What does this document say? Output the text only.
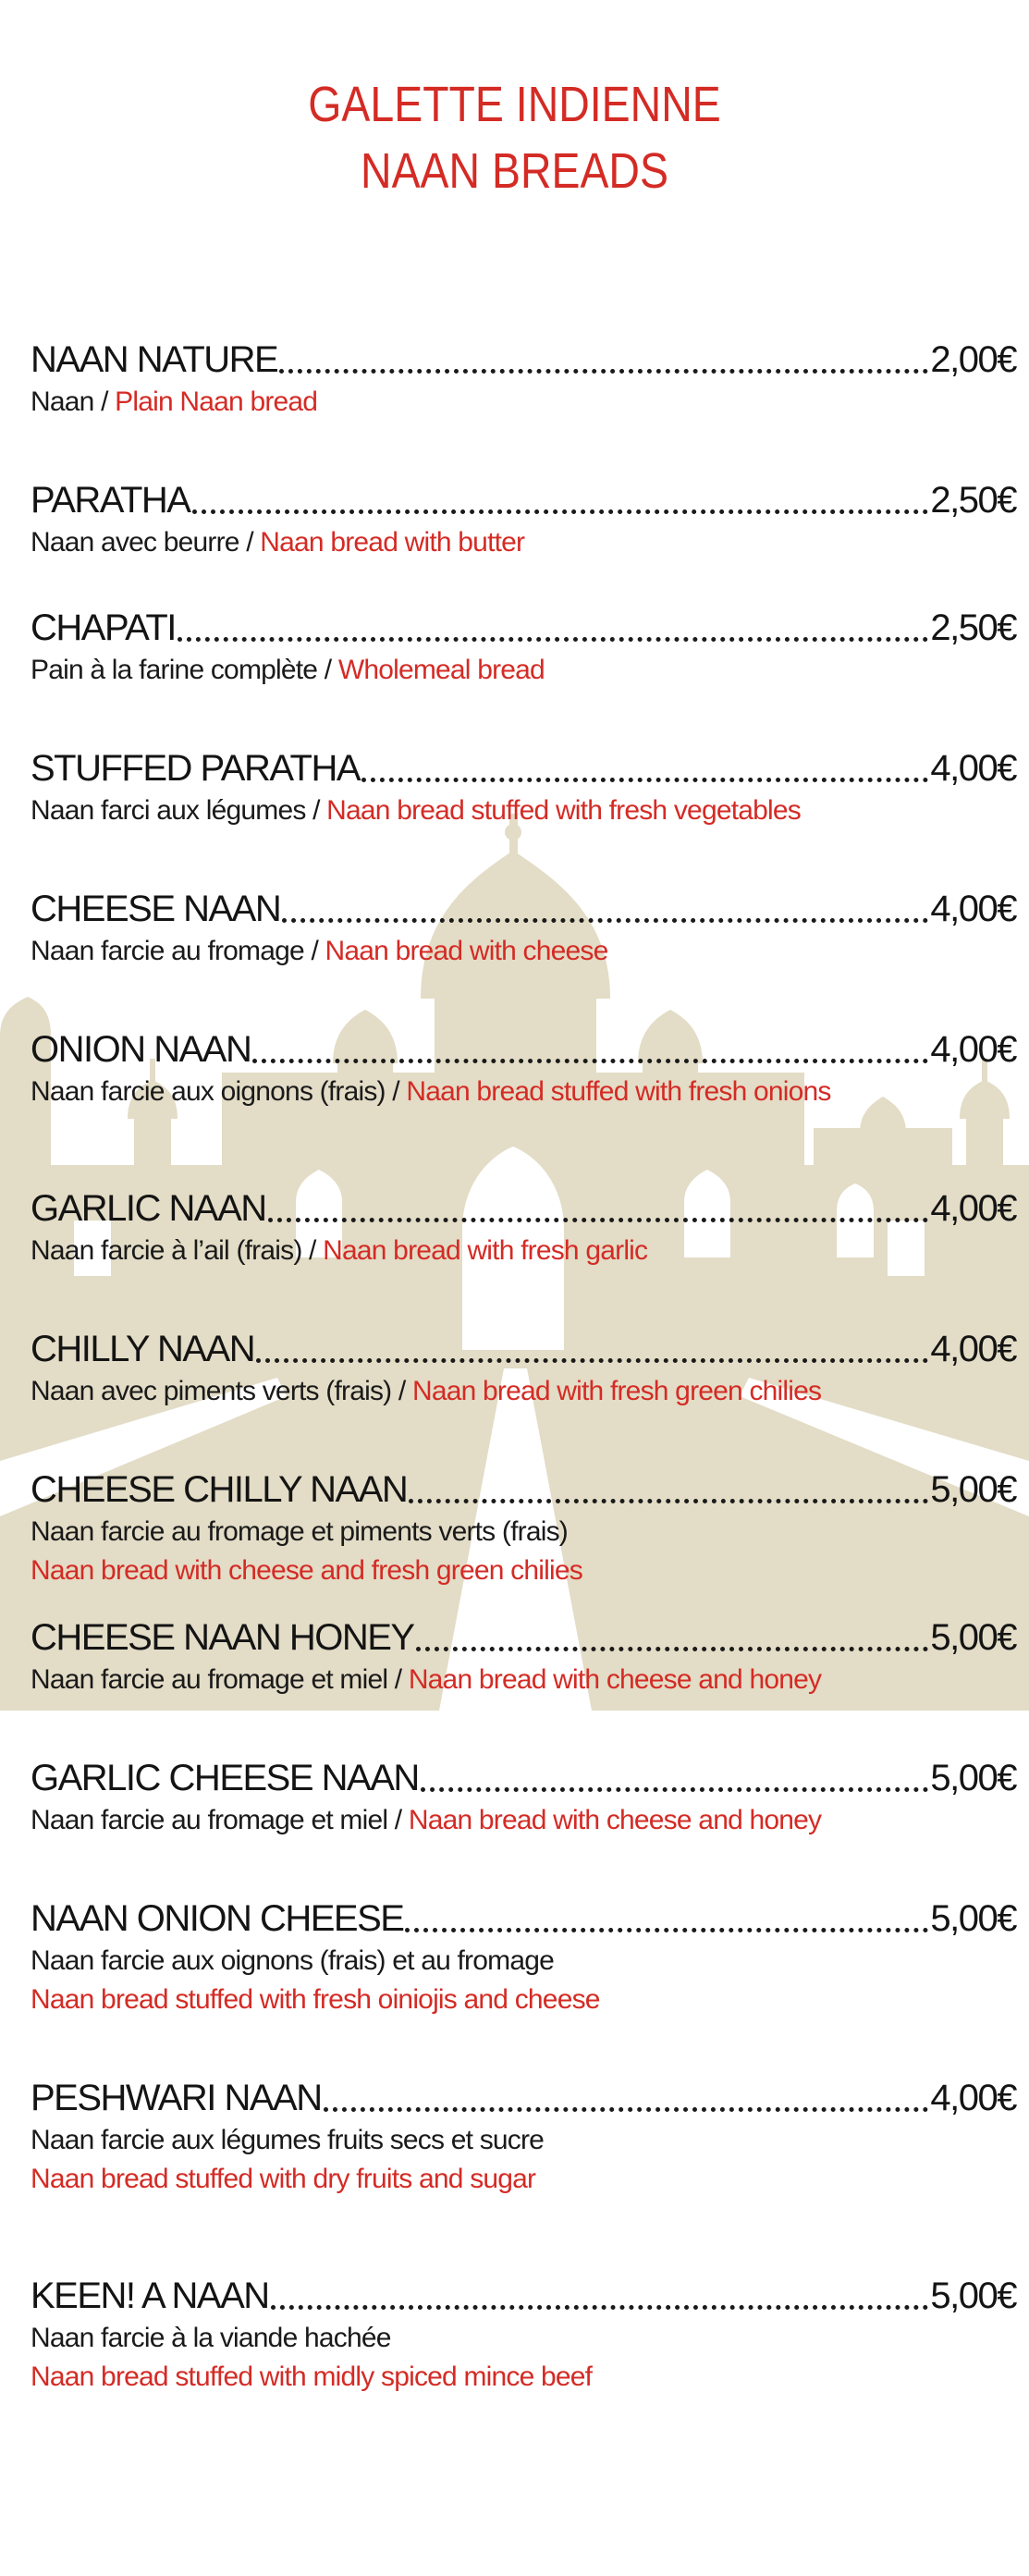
GALETTE INDIENNE
NAAN BREADS
NAAN NATURE	2,00€
Naan / Plain Naan bread
PARATHA	2,50€
Naan avec beurre / Naan bread with butter
CHAPATI	2,50€
Pain à la farine complète / Wholemeal bread
STUFFED PARATHA	4,00€
Naan farci aux légumes / Naan bread stuffed with fresh vegetables
CHEESE NAAN	4,00€
Naan farcie au fromage / Naan bread with cheese
ONION NAAN	4,00€
Naan farcie aux oignons (frais) / Naan bread stuffed with fresh onions
GARLIC NAAN	4,00€
Naan farcie à l’ail (frais) / Naan bread with fresh garlic
CHILLY NAAN	4,00€
Naan avec piments verts (frais) / Naan bread with fresh green chilies
CHEESE CHILLY NAAN	5,00€
Naan farcie au fromage et piments verts (frais)
Naan bread with cheese and fresh green chilies
CHEESE NAAN HONEY	5,00€
Naan farcie au fromage et miel / Naan bread with cheese and honey
GARLIC CHEESE NAAN	5,00€
Naan farcie au fromage et miel / Naan bread with cheese and honey
NAAN ONION CHEESE	5,00€
Naan farcie aux oignons (frais) et au fromage
Naan bread stuffed with fresh oiniojis and cheese
PESHWARI NAAN	4,00€
Naan farcie aux légumes fruits secs et sucre
Naan bread stuffed with dry fruits and sugar
KEEN! A NAAN	5,00€
Naan farcie à la viande hachée
Naan bread stuffed with midly spiced mince beef
